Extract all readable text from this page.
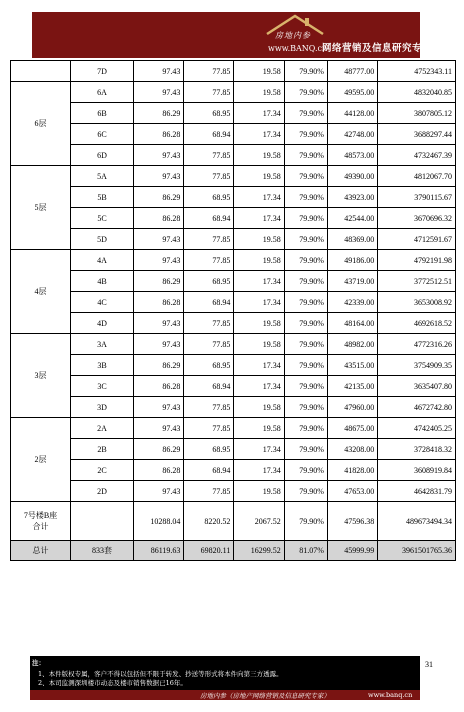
房地内参
www.BANQ.cn
网络营销及信息研究专家
	7D	97.43	77.85	19.58	79.90%	48777.00	4752343.11
6层	6A	97.43	77.85	19.58	79.90%	49595.00	4832040.85
	6B	86.29	68.95	17.34	79.90%	44128.00	3807805.12
	6C	86.28	68.94	17.34	79.90%	42748.00	3688297.44
	6D	97.43	77.85	19.58	79.90%	48573.00	4732467.39
5层	5A	97.43	77.85	19.58	79.90%	49390.00	4812067.70
	5B	86.29	68.95	17.34	79.90%	43923.00	3790115.67
	5C	86.28	68.94	17.34	79.90%	42544.00	3670696.32
	5D	97.43	77.85	19.58	79.90%	48369.00	4712591.67
4层	4A	97.43	77.85	19.58	79.90%	49186.00	4792191.98
	4B	86.29	68.95	17.34	79.90%	43719.00	3772512.51
	4C	86.28	68.94	17.34	79.90%	42339.00	3653008.92
	4D	97.43	77.85	19.58	79.90%	48164.00	4692618.52
3层	3A	97.43	77.85	19.58	79.90%	48982.00	4772316.26
	3B	86.29	68.95	17.34	79.90%	43515.00	3754909.35
	3C	86.28	68.94	17.34	79.90%	42135.00	3635407.80
	3D	97.43	77.85	19.58	79.90%	47960.00	4672742.80
2层	2A	97.43	77.85	19.58	79.90%	48675.00	4742405.25
	2B	86.29	68.95	17.34	79.90%	43208.00	3728418.32
	2C	86.28	68.94	17.34	79.90%	41828.00	3608919.84
	2D	97.43	77.85	19.58	79.90%	47653.00	4642831.79

7号楼B座
合计		10288.04	8220.52	2067.52	79.90%	47596.38	489673494.34
总计	833套	86119.63	69820.11	16299.52	81.07%	45999.99	3961501765.36
31
注：
1、本件版权专属，客户不得以包括但不限于转发、抄送等形式将本件向第三方透露。
2、本司监测深圳楼市动态及楼市销售数据已16年。
房地内参（房地产网络营销及信息研究专家）	www.banq.cn
